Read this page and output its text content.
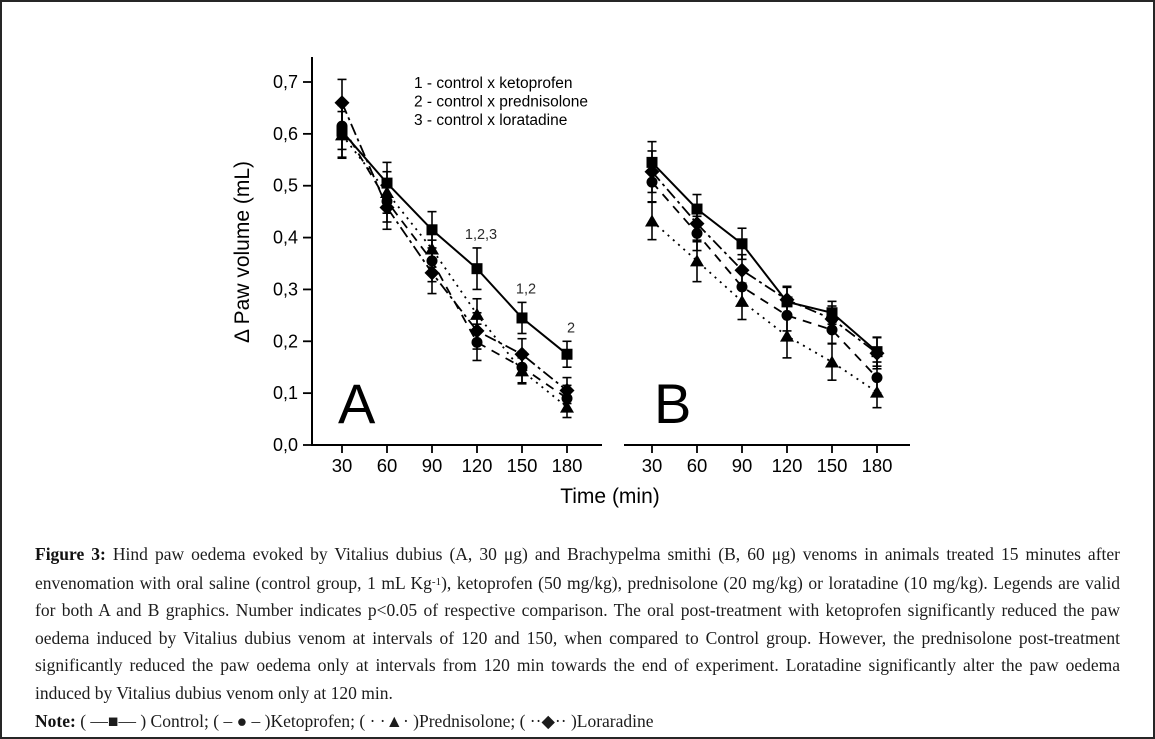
30 60 90 120 150 180
0,0
0,1
0,2
0,3
0,4
0,5
0,6
0,7
Δ Paw volume (mL)	1,2,3
1,2
2
1 - control x ketoprofen
2 - control x prednisolone
3 - control x loratadine
A
30 60 90 120 150 180
B
Time (min)

Figure 3: Hind paw oedema evoked by Vitalius dubius (A, 30 μg) and Brachypelma smithi (B, 60 μg) venoms in animals treated 15 minutes after envenomation with oral saline (control group, 1 mL $Kg^{-1}$), ketoprofen (50 mg/kg), prednisolone (20 mg/kg) or loratadine (10 mg/kg). Legends are valid for both A and B graphics. Number indicates p<0.05 of respective comparison. The oral post-treatment with ketoprofen significantly reduced the paw oedema induced by Vitalius dubius venom at intervals of 120 and 150, when compared to Control group. However, the prednisolone post-treatment significantly reduced the paw oedema only at intervals from 120 min towards the end of experiment. Loratadine significantly alter the paw oedema induced by Vitalius dubius venom only at 120 min.

Note: ( —■— ) Control; ( – ● – )Ketoprofen; ( · ·▲· )Prednisolone; ( ··◆·· )Loraradine
